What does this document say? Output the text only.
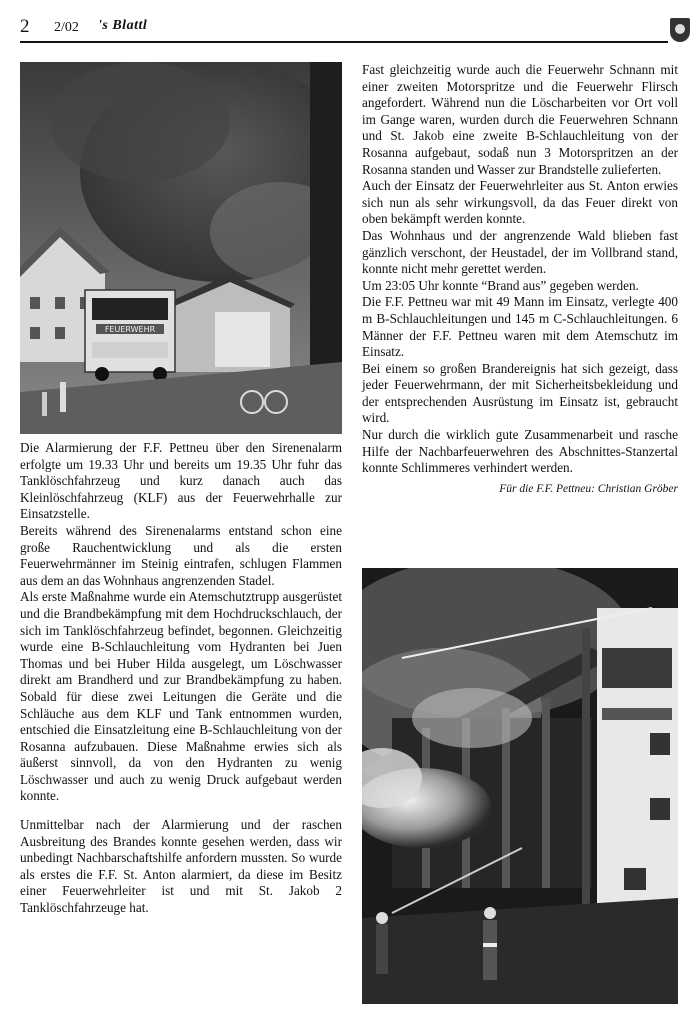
2 2/02 's Blattl
FEUERWEHR

Die Alarmierung der F.F. Pettneu über den Sirenenalarm erfolgte um 19.33 Uhr und bereits um 19.35 Uhr fuhr das Tanklöschfahrzeug und kurz danach auch das Kleinlöschfahrzeug (KLF) aus der Feuerwehrhalle zur Einsatzstelle.

Bereits während des Sirenenalarms entstand schon eine große Rauchentwicklung und als die ersten Feuerwehrmänner im Steinig eintrafen, schlugen Flammen aus dem an das Wohnhaus angrenzenden Stadel.

Als erste Maßnahme wurde ein Atemschutztrupp ausgerüstet und die Brandbekämpfung mit dem Hochdruckschlauch, der sich im Tanklöschfahrzeug befindet, begonnen. Gleichzeitig wurde eine B-Schlauchleitung vom Hydranten bei Juen Thomas und bei Huber Hilda ausgelegt, um Löschwasser direkt am Brandherd und zur Brandbekämpfung zu haben. Sobald für diese zwei Leitungen die Geräte und die Schläuche aus dem KLF und Tank entnommen wurden, entschied die Einsatzleitung eine B-Schlauchleitung von der Rosanna aufzubauen. Diese Maßnahme erwies sich als äußerst sinnvoll, da von den Hydranten zu wenig Löschwasser und auch zu wenig Druck aufgebaut werden konnte.

Unmittelbar nach der Alarmierung und der raschen Ausbreitung des Brandes konnte gesehen werden, dass wir unbedingt Nachbarschaftshilfe anfordern mussten. So wurde als erstes die F.F. St. Anton alarmiert, da diese im Besitz einer Feuerwehrleiter ist und mit St. Jakob 2 Tanklöschfahrzeuge hat.

Fast gleichzeitig wurde auch die Feuerwehr Schnann mit einer zweiten Motorspritze und die Feuerwehr Flirsch angefordert. Während nun die Löscharbeiten vor Ort voll im Gange waren, wurden durch die Feuerwehren Schnann und St. Jakob eine zweite B-Schlauchleitung von der Rosanna aufgebaut, sodaß nun 3 Motorspritzen an der Rosanna standen und Wasser zur Brandstelle zulieferten.

Auch der Einsatz der Feuerwehrleiter aus St. Anton erwies sich nun als sehr wirkungsvoll, da das Feuer direkt von oben bekämpft werden konnte.

Das Wohnhaus und der angrenzende Wald blieben fast gänzlich verschont, der Heustadel, der im Vollbrand stand, konnte nicht mehr gerettet werden.

Um 23:05 Uhr konnte “Brand aus” gegeben werden.

Die F.F. Pettneu war mit 49 Mann im Einsatz, verlegte 400 m B-Schlauchleitungen und 145 m C-Schlauchleitungen. 6 Männer der F.F. Pettneu waren mit dem Atemschutz im Einsatz.

Bei einem so großen Brandereignis hat sich gezeigt, dass jeder Feuerwehrmann, der mit Sicherheitsbekleidung und der entsprechenden Ausrüstung im Einsatz ist, gebraucht wird.

Nur durch die wirklich gute Zusammenarbeit und rasche Hilfe der Nachbarfeuerwehren des Abschnittes-Stanzertal konnte Schlimmeres verhindert werden.

Für die F.F. Pettneu: Christian Gröber
